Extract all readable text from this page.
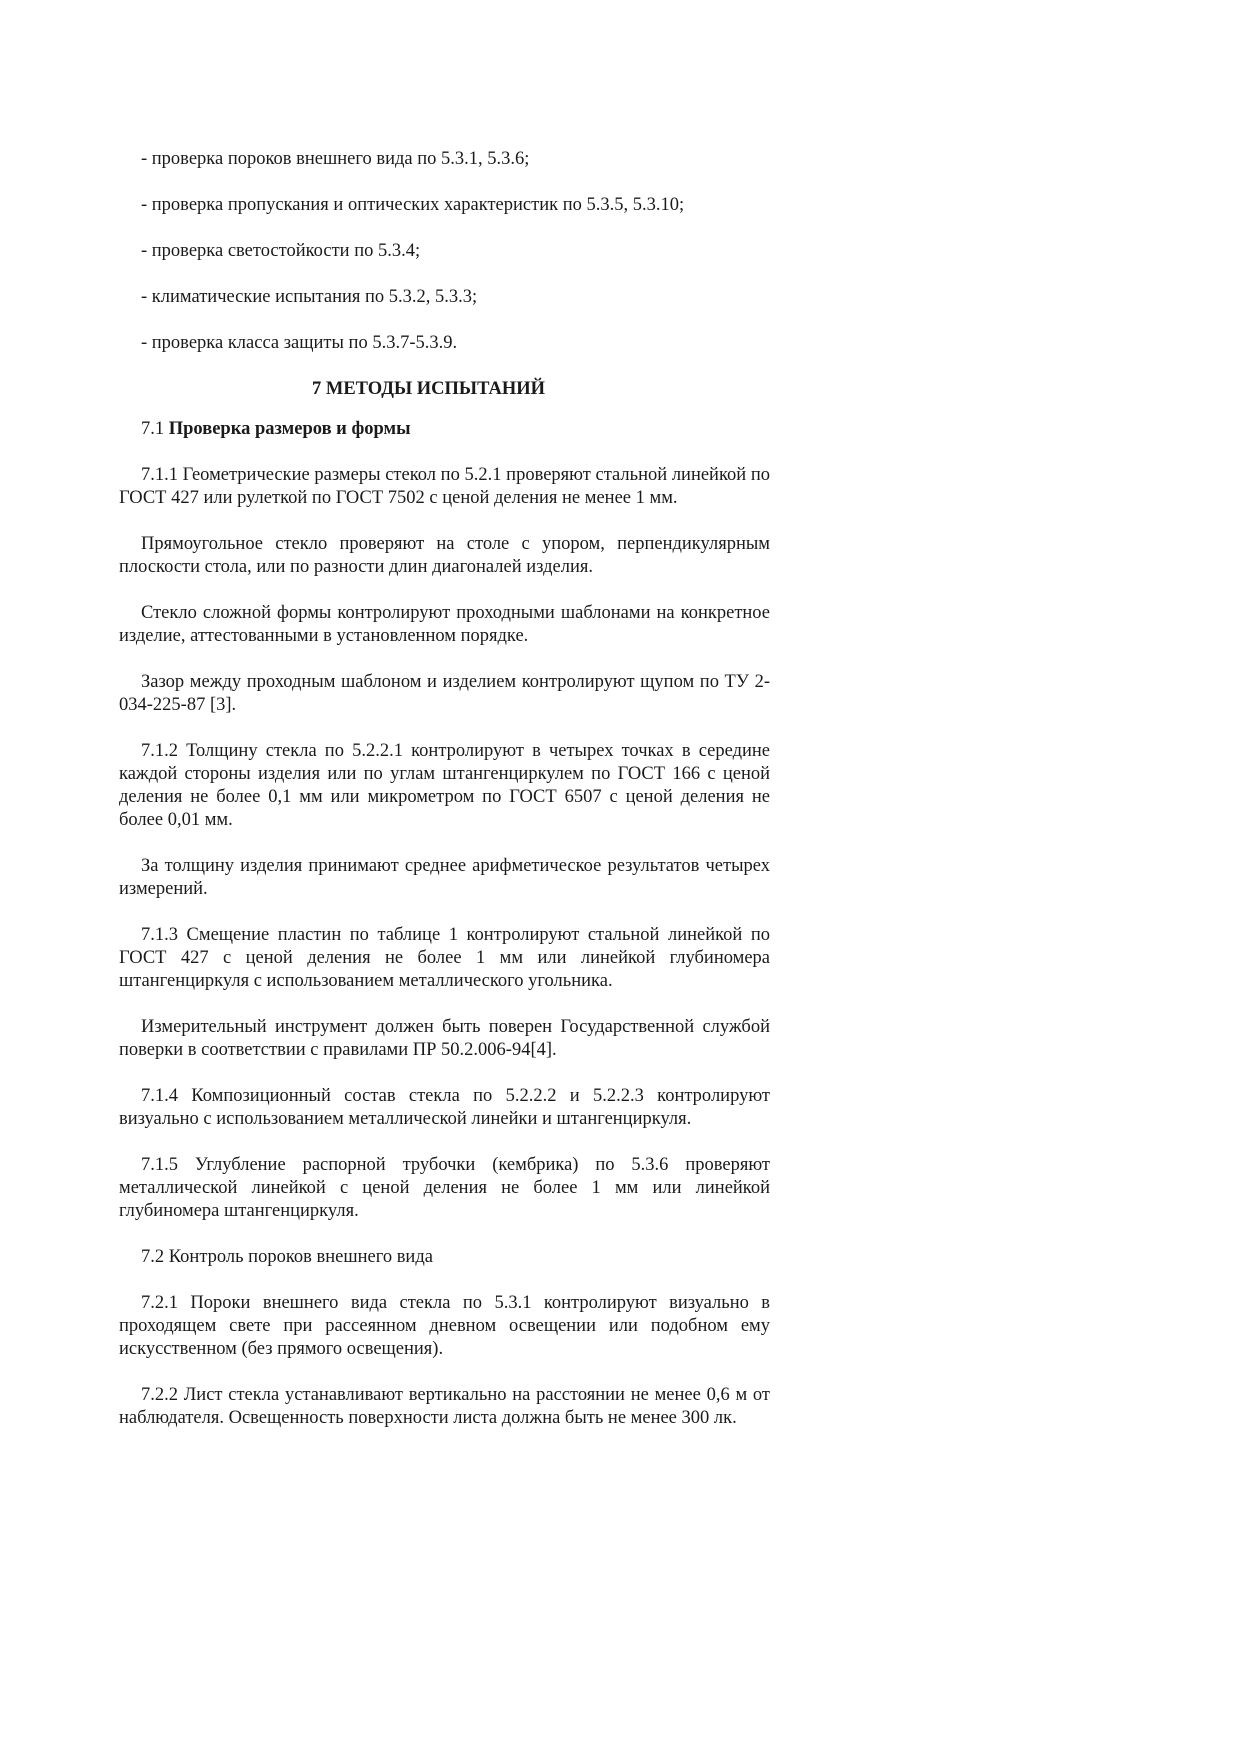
- проверка пороков внешнего вида по 5.3.1, 5.3.6;

- проверка пропускания и оптических характеристик по 5.3.5, 5.3.10;

- проверка светостойкости по 5.3.4;

- климатические испытания по 5.3.2, 5.3.3;

- проверка класса защиты по 5.3.7-5.3.9.

7 МЕТОДЫ ИСПЫТАНИЙ

7.1 Проверка размеров и формы

7.1.1 Геометрические размеры стекол по 5.2.1 проверяют стальной линейкой по ГОСТ 427 или рулеткой по ГОСТ 7502 с ценой деления не менее 1 мм.

Прямоугольное стекло проверяют на столе с упором, перпендикулярным плоскости стола, или по разности длин диагоналей изделия.

Стекло сложной формы контролируют проходными шаблонами на конкретное изделие, аттестованными в установленном порядке.

Зазор между проходным шаблоном и изделием контролируют щупом по ТУ 2-034-225-87 [3].

7.1.2 Толщину стекла по 5.2.2.1 контролируют в четырех точках в середине каждой стороны изделия или по углам штангенциркулем по ГОСТ 166 с ценой деления не более 0,1 мм или микрометром по ГОСТ 6507 с ценой деления не более 0,01 мм.

За толщину изделия принимают среднее арифметическое результатов четырех измерений.

7.1.3 Смещение пластин по таблице 1 контролируют стальной линейкой по ГОСТ 427 с ценой деления не более 1 мм или линейкой глубиномера штангенциркуля с использованием металлического угольника.

Измерительный инструмент должен быть поверен Государственной службой поверки в соответствии с правилами ПР 50.2.006-94[4].

7.1.4 Композиционный состав стекла по 5.2.2.2 и 5.2.2.3 контролируют визуально с использованием металлической линейки и штангенциркуля.

7.1.5 Углубление распорной трубочки (кембрика) по 5.3.6 проверяют металлической линейкой с ценой деления не более 1 мм или линейкой глубиномера штангенциркуля.

7.2 Контроль пороков внешнего вида

7.2.1 Пороки внешнего вида стекла по 5.3.1 контролируют визуально в проходящем свете при рассеянном дневном освещении или подобном ему искусственном (без прямого освещения).

7.2.2 Лист стекла устанавливают вертикально на расстоянии не менее 0,6 м от наблюдателя. Освещенность поверхности листа должна быть не менее 300 лк.
